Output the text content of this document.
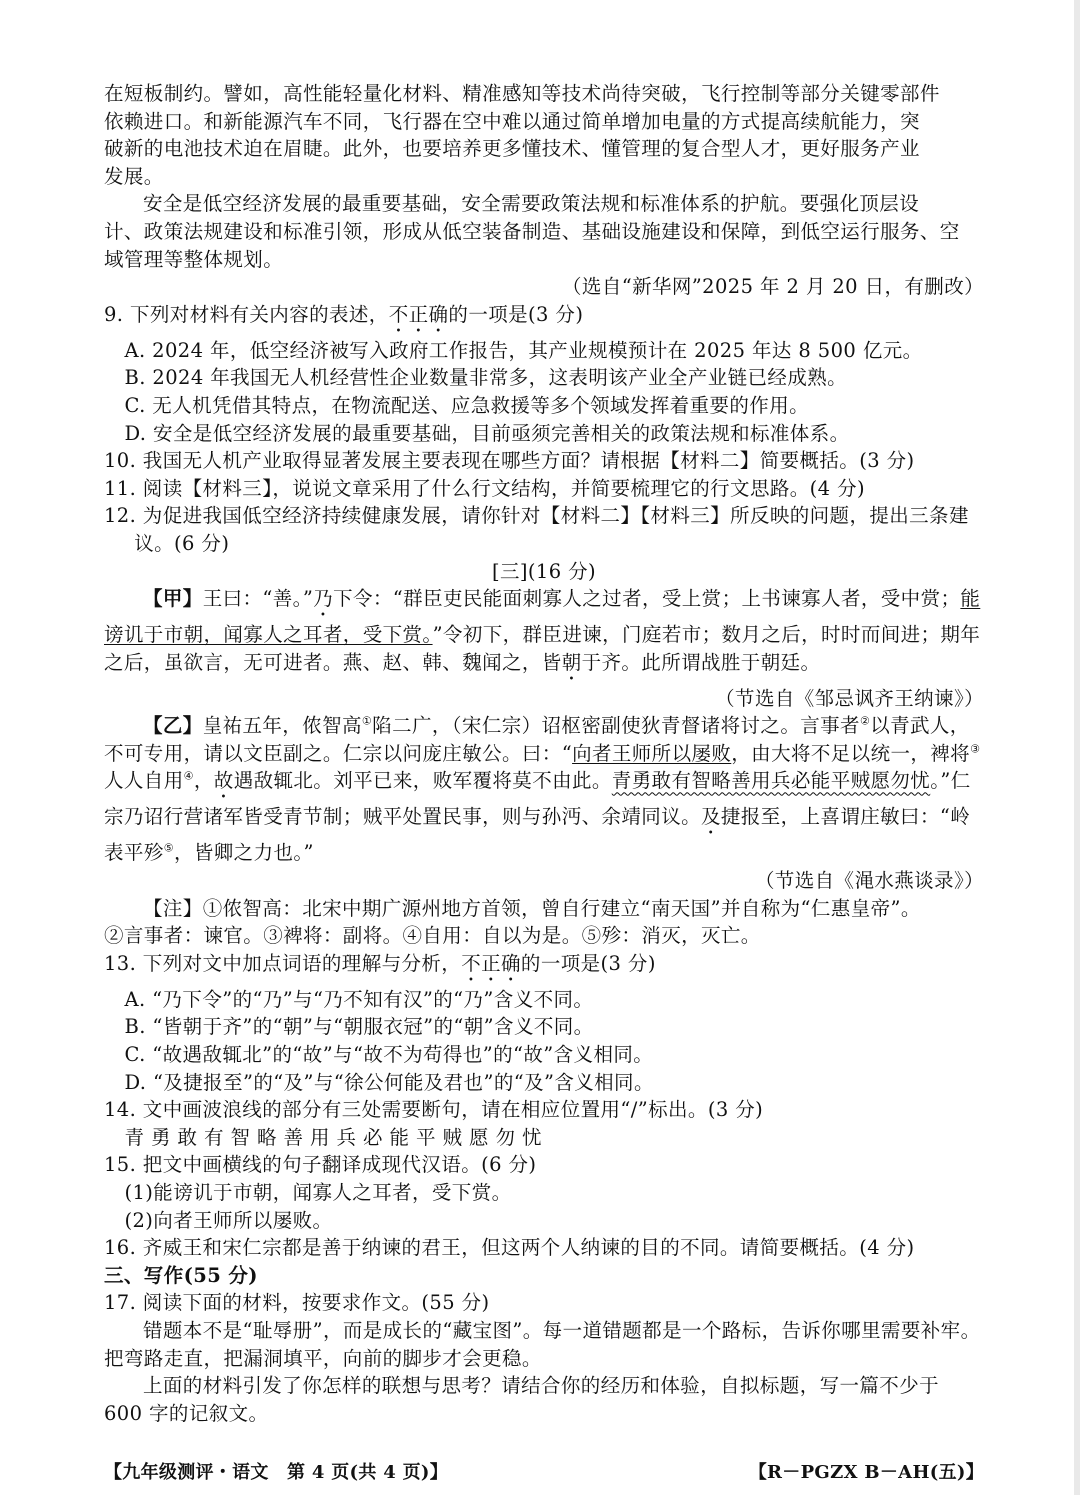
在短板制约。譬如，高性能轻量化材料、精准感知等技术尚待突破，飞行控制等部分关键零部件

依赖进口。和新能源汽车不同，飞行器在空中难以通过简单增加电量的方式提高续航能力，突

破新的电池技术迫在眉睫。此外，也要培养更多懂技术、懂管理的复合型人才，更好服务产业

发展。

安全是低空经济发展的最重要基础，安全需要政策法规和标准体系的护航。要强化顶层设

计、政策法规建设和标准引领，形成从低空装备制造、基础设施建设和保障，到低空运行服务、空

域管理等整体规划。

（选自“新华网”2025 年 2 月 20 日，有删改）

9. 下列对材料有关内容的表述，不正确的一项是(3 分)

A. 2024 年，低空经济被写入政府工作报告，其产业规模预计在 2025 年达 8 500 亿元。

B. 2024 年我国无人机经营性企业数量非常多，这表明该产业全产业链已经成熟。

C. 无人机凭借其特点，在物流配送、应急救援等多个领域发挥着重要的作用。

D. 安全是低空经济发展的最重要基础，目前亟须完善相关的政策法规和标准体系。

10. 我国无人机产业取得显著发展主要表现在哪些方面？请根据【材料二】简要概括。(3 分)

11. 阅读【材料三】，说说文章采用了什么行文结构，并简要梳理它的行文思路。(4 分)

12. 为促进我国低空经济持续健康发展，请你针对【材料二】【材料三】所反映的问题，提出三条建议。(6 分)

[三](16 分)

【甲】王曰：“善。”乃下令：“群臣吏民能面刺寡人之过者，受上赏；上书谏寡人者，受中赏；能谤讥于市朝，闻寡人之耳者，受下赏。”令初下，群臣进谏，门庭若市；数月之后，时时而间进；期年之后，虽欲言，无可进者。燕、赵、韩、魏闻之，皆朝于齐。此所谓战胜于朝廷。

（节选自《邹忌讽齐王纳谏》）

【乙】皇祐五年，侬智高①陷二广，（宋仁宗）诏枢密副使狄青督诸将讨之。言事者②以青武人，不可专用，请以文臣副之。仁宗以问庞庄敏公。曰：“向者王师所以屡败，由大将不足以统一，裨将③人人自用④，故遇敌辄北。刘平已来，败军覆将莫不由此。青勇敢有智略善用兵必能平贼愿勿忧。”仁宗乃诏行营诸军皆受青节制；贼平处置民事，则与孙沔、余靖同议。及捷报至，上喜谓庄敏曰：“岭表平殄⑤，皆卿之力也。”

（节选自《渑水燕谈录》）

【注】①侬智高：北宋中期广源州地方首领，曾自行建立“南天国”并自称为“仁惠皇帝”。

②言事者：谏官。③裨将：副将。④自用：自以为是。⑤殄：消灭，灭亡。

13. 下列对文中加点词语的理解与分析，不正确的一项是(3 分)

A. “乃下令”的“乃”与“乃不知有汉”的“乃”含义不同。

B. “皆朝于齐”的“朝”与“朝服衣冠”的“朝”含义不同。

C. “故遇敌辄北”的“故”与“故不为苟得也”的“故”含义相同。

D. “及捷报至”的“及”与“徐公何能及君也”的“及”含义相同。

14. 文中画波浪线的部分有三处需要断句，请在相应位置用“/”标出。(3 分)

青勇敢有智略善用兵必能平贼愿勿忧

15. 把文中画横线的句子翻译成现代汉语。(6 分)

(1)能谤讥于市朝，闻寡人之耳者，受下赏。

(2)向者王师所以屡败。

16. 齐威王和宋仁宗都是善于纳谏的君王，但这两个人纳谏的目的不同。请简要概括。(4 分)

三、写作(55 分)

17. 阅读下面的材料，按要求作文。(55 分)

错题本不是“耻辱册”，而是成长的“藏宝图”。每一道错题都是一个路标，告诉你哪里需要补牢。把弯路走直，把漏洞填平，向前的脚步才会更稳。

上面的材料引发了你怎样的联想与思考？请结合你的经历和体验，自拟标题，写一篇不少于 600 字的记叙文。

【九年级测评・语文　第 4 页(共 4 页)】	【R－PGZX B－AH(五)】
